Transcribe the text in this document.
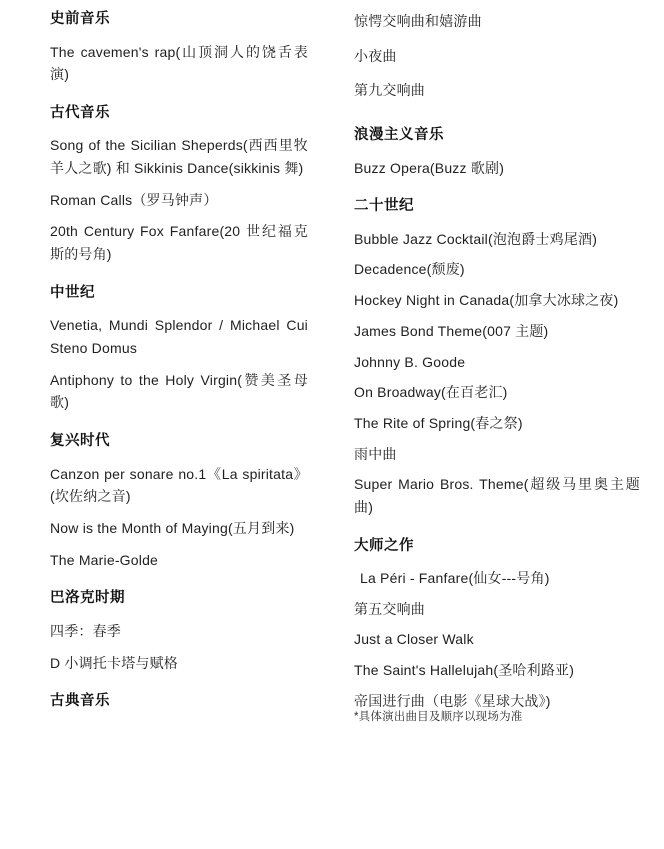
史前音乐
The cavemen's rap(山顶洞人的饶舌表演)
古代音乐
Song of the Sicilian Sheperds(西西里牧羊人之歌) 和 Sikkinis Dance(sikkinis 舞)
Roman Calls（罗马钟声）
20th Century Fox Fanfare(20 世纪福克斯的号角)
中世纪
Venetia, Mundi Splendor / Michael Cui Steno Domus
Antiphony to the Holy Virgin(赞美圣母歌)
复兴时代
Canzon per sonare no.1《La spiritata》(坎佐纳之音)
Now is the Month of Maying(五月到来)
The Marie-Golde
巴洛克时期
四季：春季
D 小调托卡塔与赋格
古典音乐
惊愕交响曲和嬉游曲
小夜曲
第九交响曲
浪漫主义音乐
Buzz Opera(Buzz 歌剧)
二十世纪
Bubble Jazz Cocktail(泡泡爵士鸡尾酒)
Decadence(颓废)
Hockey Night in Canada(加拿大冰球之夜)
James Bond Theme(007 主题)
Johnny B. Goode
On Broadway(在百老汇)
The Rite of Spring(春之祭)
雨中曲
Super Mario Bros. Theme(超级马里奥主题曲)
大师之作
La Péri - Fanfare(仙女---号角)
第五交响曲
Just a Closer Walk
The Saint's Hallelujah(圣哈利路亚)
帝国进行曲（电影《星球大战》)
*具体演出曲目及顺序以现场为准
